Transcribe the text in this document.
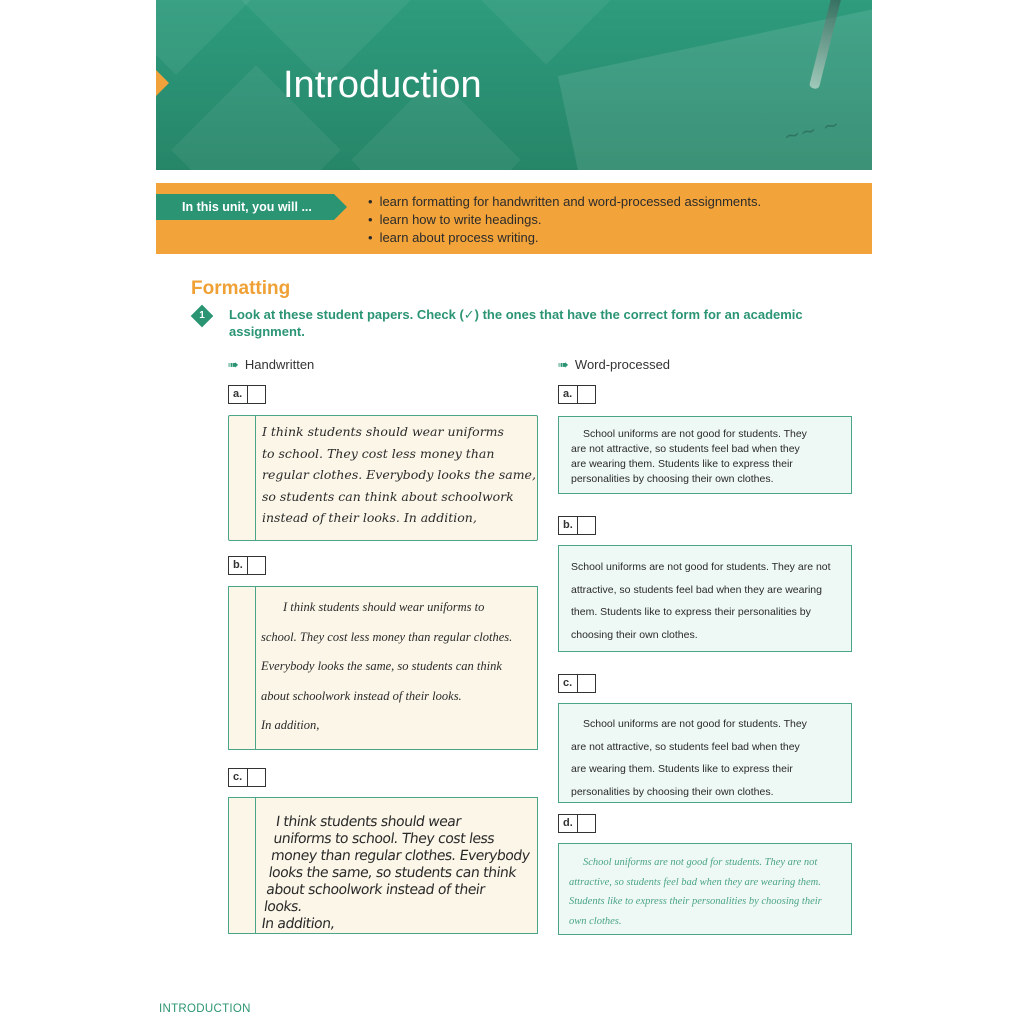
~~ ~
Introduction
In this unit, you will ...
•	learn formatting for handwritten and word-processed assignments.
• learn how to write headings.
• learn about process writing.
Formatting
1	Look at these student papers. Check (✓) the ones that have the correct form for an academic assignment.
➠ Handwritten	➠ Word-processed
a.
I think students should wear uniforms
to school. They cost less money than
regular clothes. Everybody looks the same,
so students can think about schoolwork
instead of their looks. In addition,
b.
I think students should wear uniforms to
school. They cost less money than regular clothes.
Everybody looks the same, so students can think
about schoolwork instead of their looks.
In addition,
c.
I think students should wear
uniforms to school. They cost less
money than regular clothes. Everybody
looks the same, so students can think
about schoolwork instead of their looks.
In addition,
a.
School uniforms are not good for students. They
are not attractive, so students feel bad when they
are wearing them. Students like to express their
personalities by choosing their own clothes.
b.
School uniforms are not good for students. They are not
attractive, so students feel bad when they are wearing
them. Students like to express their personalities by
choosing their own clothes.
c.
School uniforms are not good for students. They
are not attractive, so students feel bad when they
are wearing them. Students like to express their
personalities by choosing their own clothes.
d.
School uniforms are not good for students. They are not
attractive, so students feel bad when they are wearing them.
Students like to express their personalities by choosing their
own clothes.
INTRODUCTION
